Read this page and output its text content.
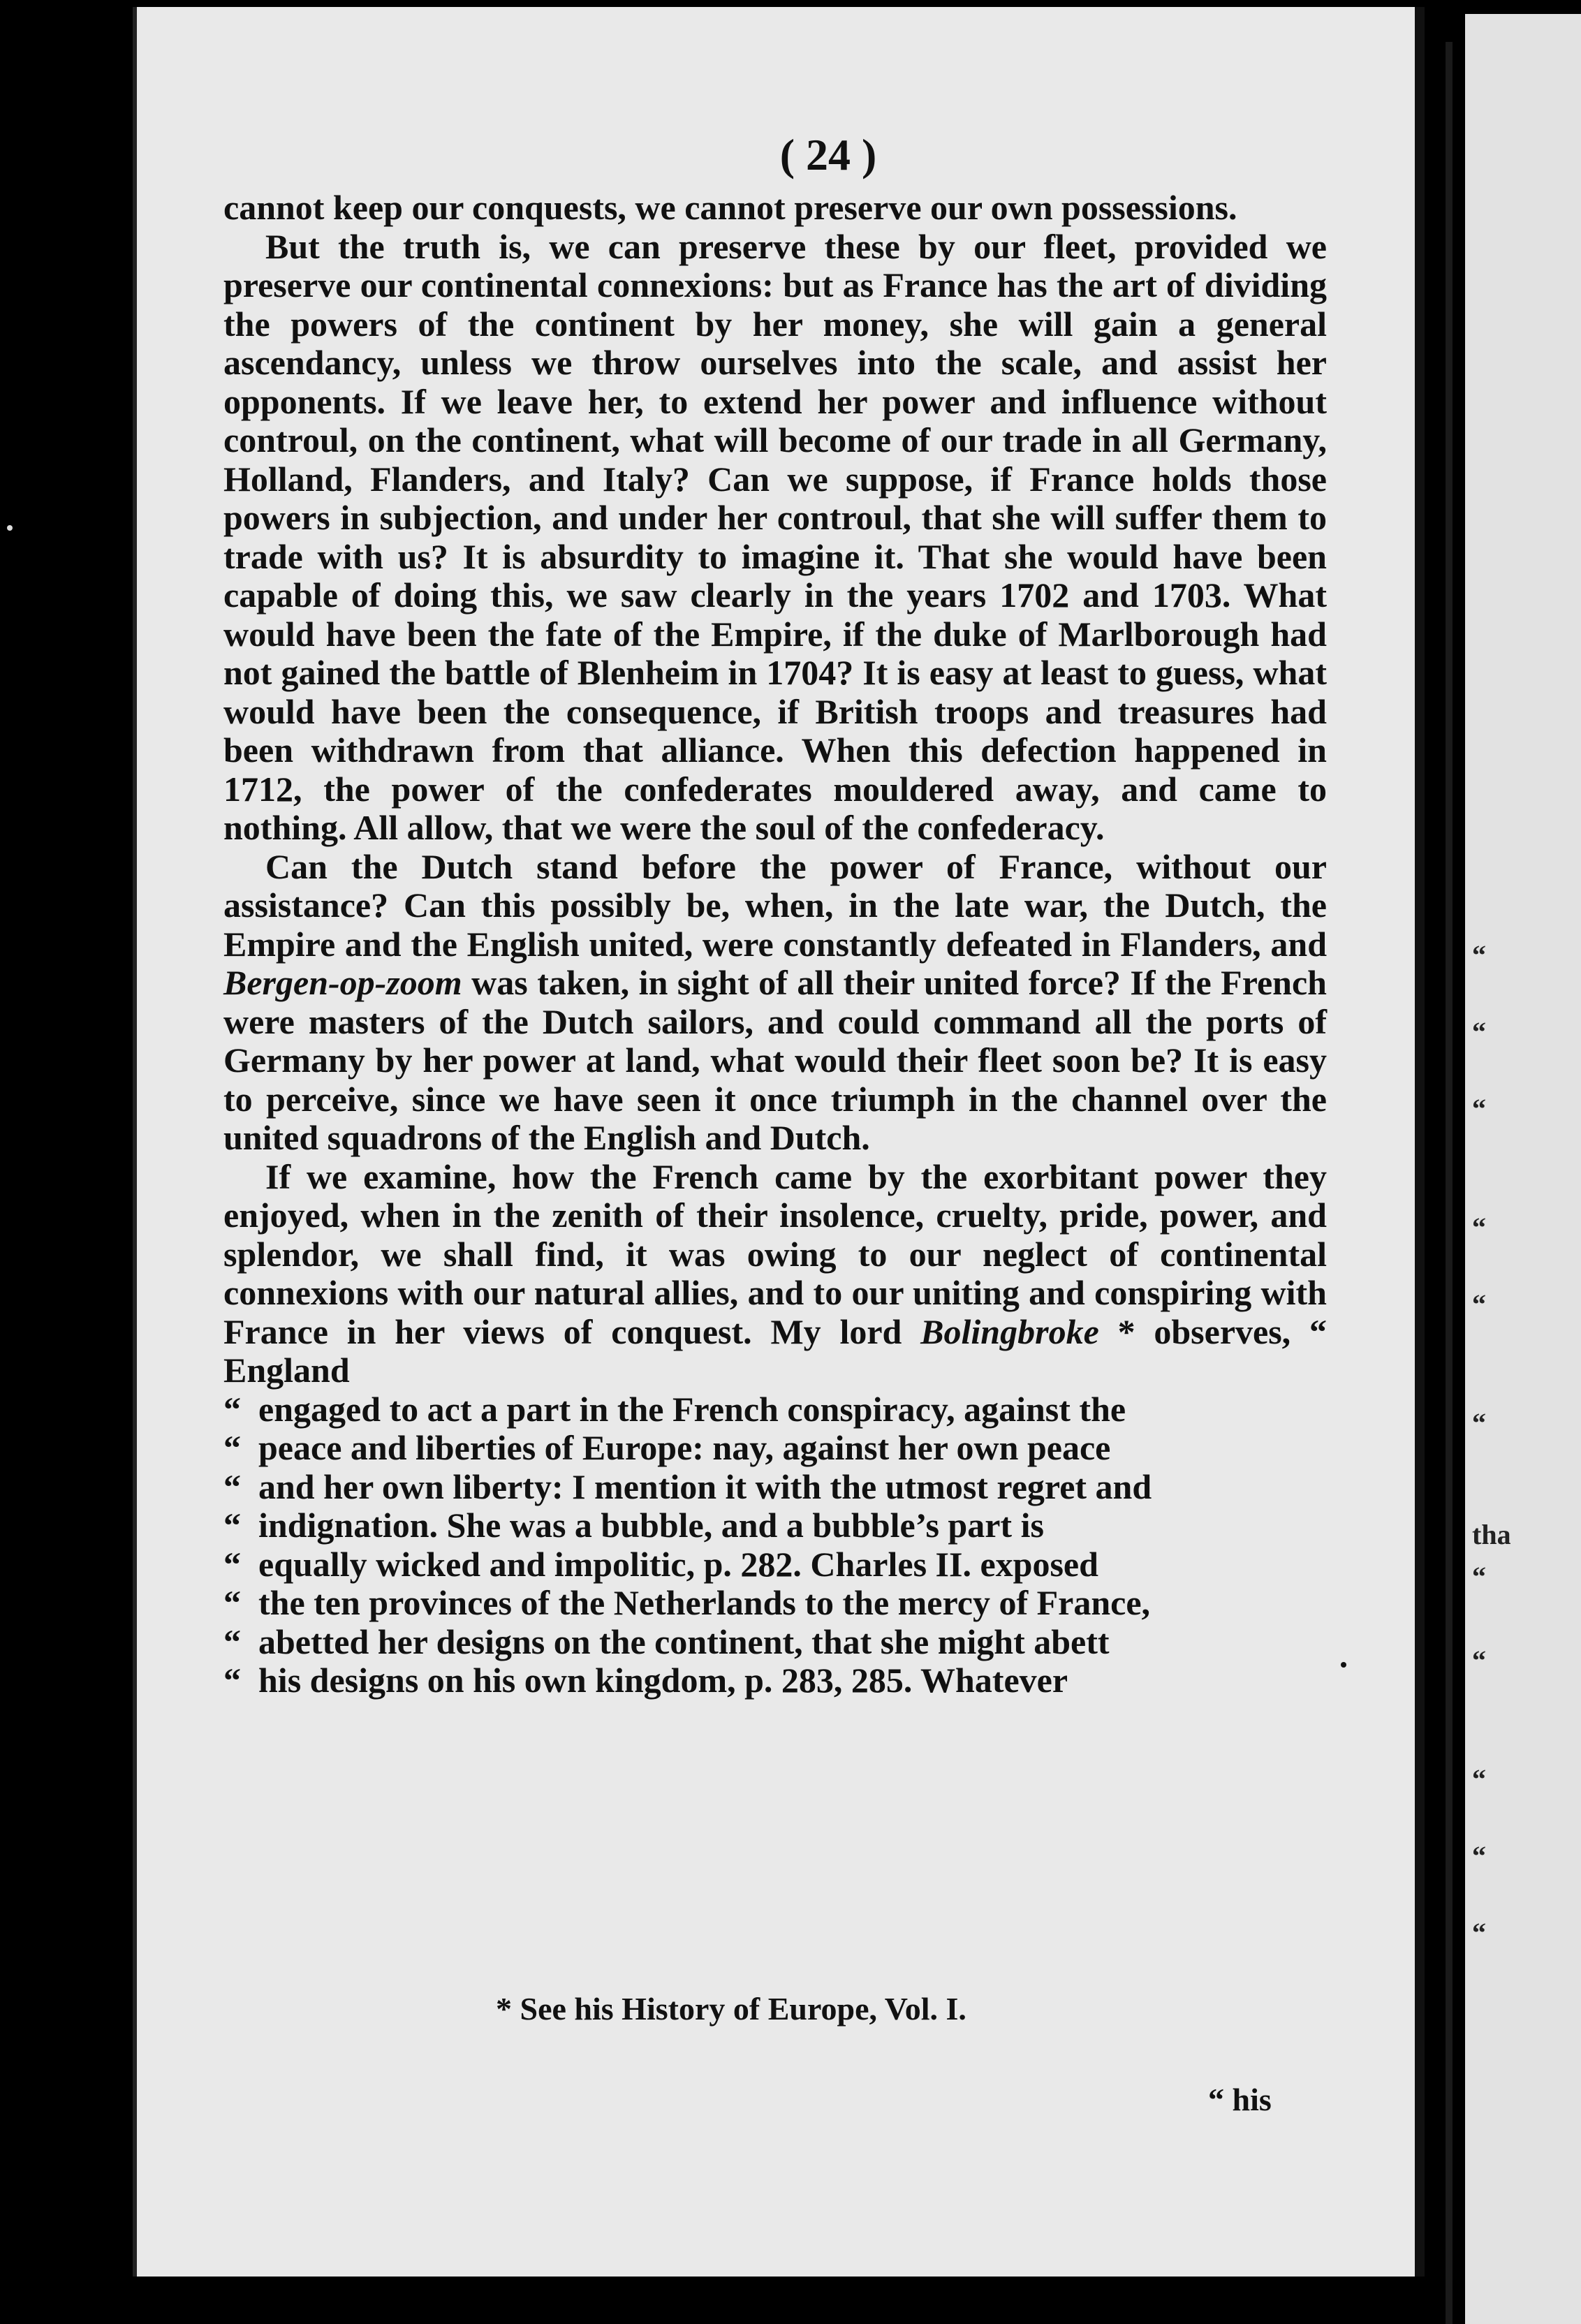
( 24 )

cannot keep our conquests, we cannot preserve our own possessions.

But the truth is, we can preserve these by our fleet, provided we preserve our continental connexions: but as France has the art of dividing the powers of the continent by her money, she will gain a general ascendancy, unless we throw ourselves into the scale, and assist her opponents. If we leave her, to extend her power and influence without controul, on the continent, what will become of our trade in all Germany, Holland, Flanders, and Italy? Can we suppose, if France holds those powers in subjection, and under her controul, that she will suffer them to trade with us? It is absurdity to imagine it. That she would have been capable of doing this, we saw clearly in the years 1702 and 1703. What would have been the fate of the Empire, if the duke of Marlborough had not gained the battle of Blenheim in 1704? It is easy at least to guess, what would have been the consequence, if British troops and treasures had been withdrawn from that alliance. When this defection happened in 1712, the power of the confederates mouldered away, and came to nothing. All allow, that we were the soul of the confederacy.

Can the Dutch stand before the power of France, without our assistance? Can this possibly be, when, in the late war, the Dutch, the Empire and the English united, were constantly defeated in Flanders, and Bergen-op-zoom was taken, in sight of all their united force? If the French were masters of the Dutch sailors, and could command all the ports of Germany by her power at land, what would their fleet soon be? It is easy to perceive, since we have seen it once triumph in the channel over the united squadrons of the English and Dutch.

If we examine, how the French came by the exorbitant power they enjoyed, when in the zenith of their insolence, cruelty, pride, power, and splendor, we shall find, it was owing to our neglect of continental connexions with our natural allies, and to our uniting and conspiring with France in her views of conquest. My lord Bolingbroke * observes, “ England

“ engaged to act a part in the French conspiracy, against the
“ peace and liberties of Europe: nay, against her own peace
“ and her own liberty: I mention it with the utmost regret and
“ indignation. She was a bubble, and a bubble’s part is
“ equally wicked and impolitic, p. 282. Charles II. exposed
“ the ten provinces of the Netherlands to the mercy of France,
“ abetted her designs on the continent, that she might abett
“ his designs on his own kingdom, p. 283, 285. Whatever

* See his History of Europe, Vol. I.
“ his
“
“
“
“
“
“
tha
“
“
“
“
“
